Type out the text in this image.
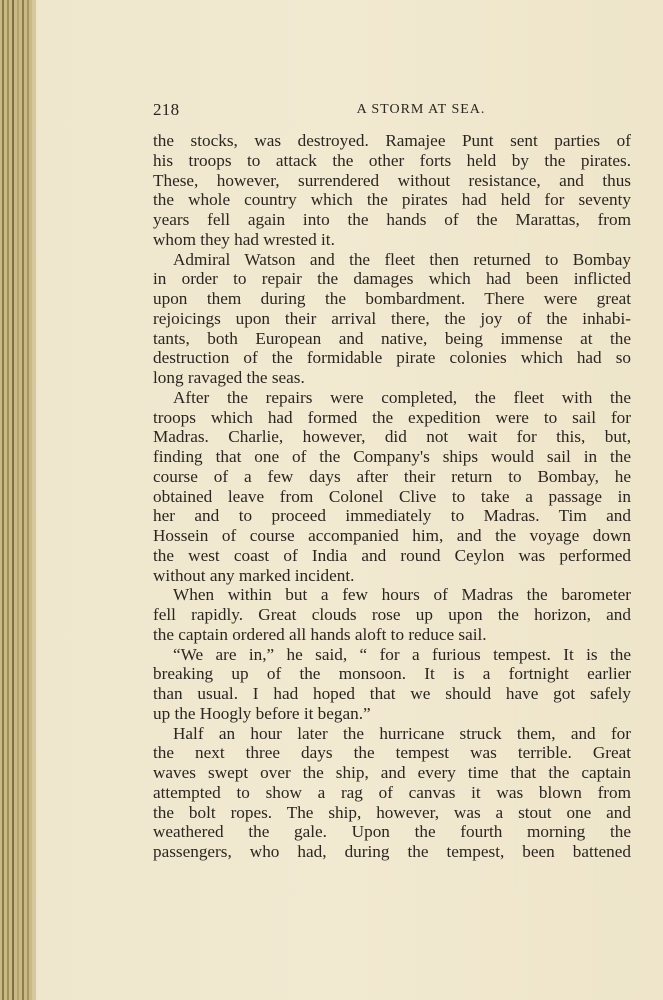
218	A STORM AT SEA.
the stocks, was destroyed. Ramajee Punt sent parties of
his troops to attack the other forts held by the pirates.
These, however, surrendered without resistance, and thus
the whole country which the pirates had held for seventy
years fell again into the hands of the Marattas, from
whom they had wrested it.
Admiral Watson and the fleet then returned to Bombay
in order to repair the damages which had been inflicted
upon them during the bombardment. There were great
rejoicings upon their arrival there, the joy of the inhabi-
tants, both European and native, being immense at the
destruction of the formidable pirate colonies which had so
long ravaged the seas.
After the repairs were completed, the fleet with the
troops which had formed the expedition were to sail for
Madras. Charlie, however, did not wait for this, but,
finding that one of the Company's ships would sail in the
course of a few days after their return to Bombay, he
obtained leave from Colonel Clive to take a passage in
her and to proceed immediately to Madras. Tim and
Hossein of course accompanied him, and the voyage down
the west coast of India and round Ceylon was performed
without any marked incident.
When within but a few hours of Madras the barometer
fell rapidly. Great clouds rose up upon the horizon, and
the captain ordered all hands aloft to reduce sail.
“We are in,” he said, “ for a furious tempest. It is the
breaking up of the monsoon. It is a fortnight earlier
than usual. I had hoped that we should have got safely
up the Hoogly before it began.”
Half an hour later the hurricane struck them, and for
the next three days the tempest was terrible. Great
waves swept over the ship, and every time that the captain
attempted to show a rag of canvas it was blown from
the bolt ropes. The ship, however, was a stout one and
weathered the gale. Upon the fourth morning the
passengers, who had, during the tempest, been battened
